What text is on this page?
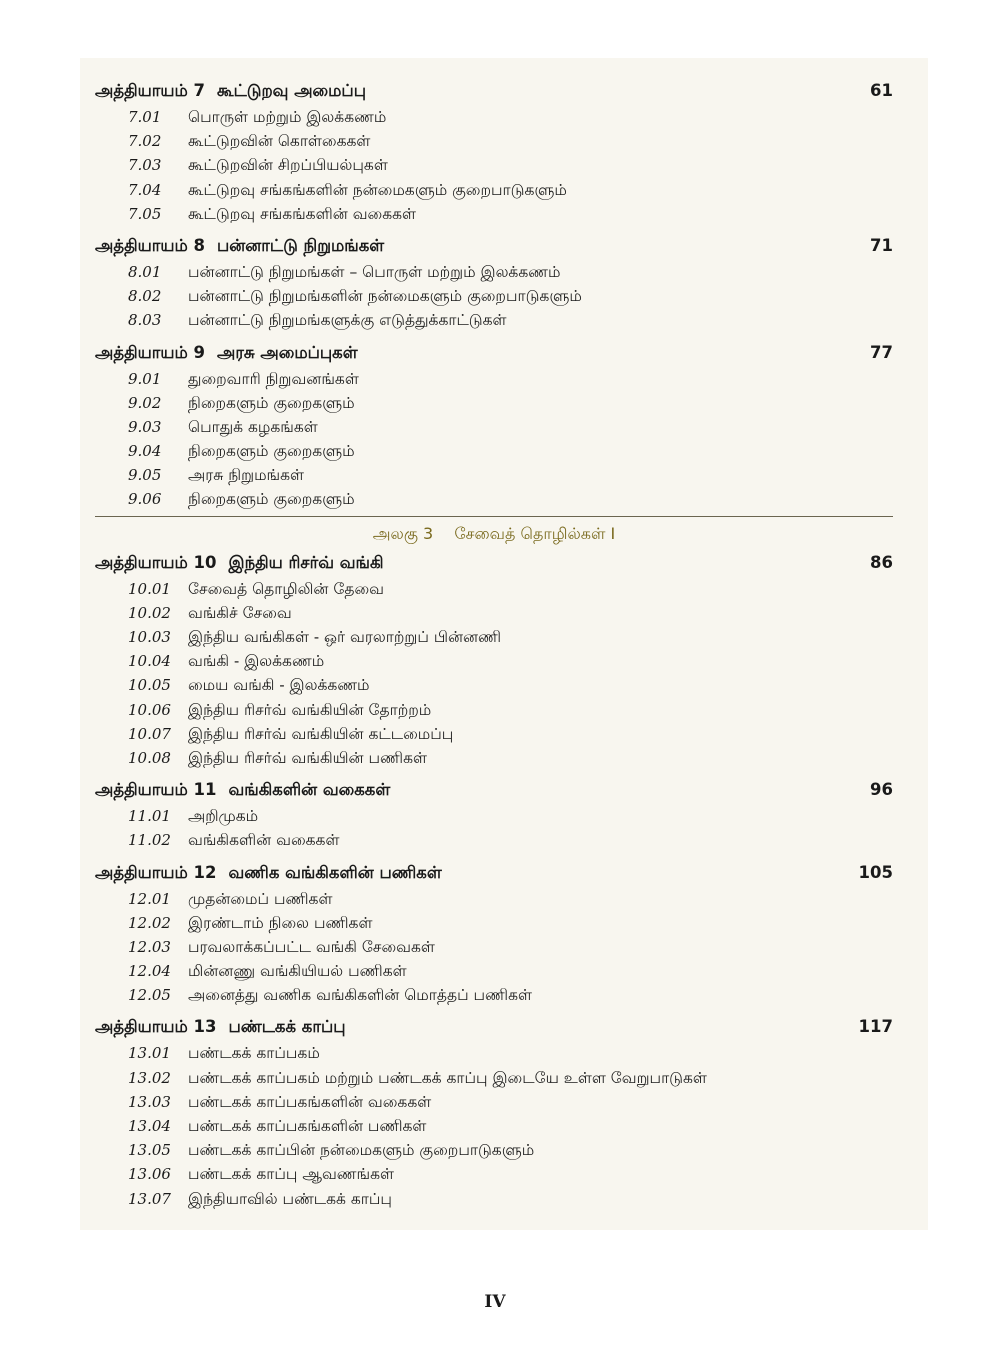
அத்தியாயம் 7 கூட்டுறவு அமைப்பு	61
7.01	பொருள் மற்றும் இலக்கணம்
7.02	கூட்டுறவின் கொள்கைகள்
7.03	கூட்டுறவின் சிறப்பியல்புகள்
7.04	கூட்டுறவு சங்கங்களின் நன்மைகளும் குறைபாடுகளும்
7.05	கூட்டுறவு சங்கங்களின் வகைகள்
அத்தியாயம் 8 பன்னாட்டு நிறுமங்கள்	71
8.01	பன்னாட்டு நிறுமங்கள் – பொருள் மற்றும் இலக்கணம்
8.02	பன்னாட்டு நிறுமங்களின் நன்மைகளும் குறைபாடுகளும்
8.03	பன்னாட்டு நிறுமங்களுக்கு எடுத்துக்காட்டுகள்
அத்தியாயம் 9 அரசு அமைப்புகள்	77
9.01	துறைவாரி நிறுவனங்கள்
9.02	நிறைகளும் குறைகளும்
9.03	பொதுக் கழகங்கள்
9.04	நிறைகளும் குறைகளும்
9.05	அரசு நிறுமங்கள்
9.06	நிறைகளும் குறைகளும்
அலகு 3 சேவைத் தொழில்கள் I
அத்தியாயம் 10 இந்திய ரிசர்வ் வங்கி	86
10.01	சேவைத் தொழிலின் தேவை
10.02	வங்கிச் சேவை
10.03	இந்திய வங்கிகள் - ஒர் வரலாற்றுப் பின்னணி
10.04	வங்கி - இலக்கணம்
10.05	மைய வங்கி - இலக்கணம்
10.06	இந்திய ரிசர்வ் வங்கியின் தோற்றம்
10.07	இந்திய ரிசர்வ் வங்கியின் கட்டமைப்பு
10.08	இந்திய ரிசர்வ் வங்கியின் பணிகள்
அத்தியாயம் 11 வங்கிகளின் வகைகள்	96
11.01	அறிமுகம்
11.02	வங்கிகளின் வகைகள்
அத்தியாயம் 12 வணிக வங்கிகளின் பணிகள்	105
12.01	முதன்மைப் பணிகள்
12.02	இரண்டாம் நிலை பணிகள்
12.03	பரவலாக்கப்பட்ட வங்கி சேவைகள்
12.04	மின்னணு வங்கியியல் பணிகள்
12.05	அனைத்து வணிக வங்கிகளின் மொத்தப் பணிகள்
அத்தியாயம் 13 பண்டகக் காப்பு	117
13.01	பண்டகக் காப்பகம்
13.02	பண்டகக் காப்பகம் மற்றும் பண்டகக் காப்பு இடையே உள்ள வேறுபாடுகள்
13.03	பண்டகக் காப்பகங்களின் வகைகள்
13.04	பண்டகக் காப்பகங்களின் பணிகள்
13.05	பண்டகக் காப்பின் நன்மைகளும் குறைபாடுகளும்
13.06	பண்டகக் காப்பு ஆவணங்கள்
13.07	இந்தியாவில் பண்டகக் காப்பு
IV
